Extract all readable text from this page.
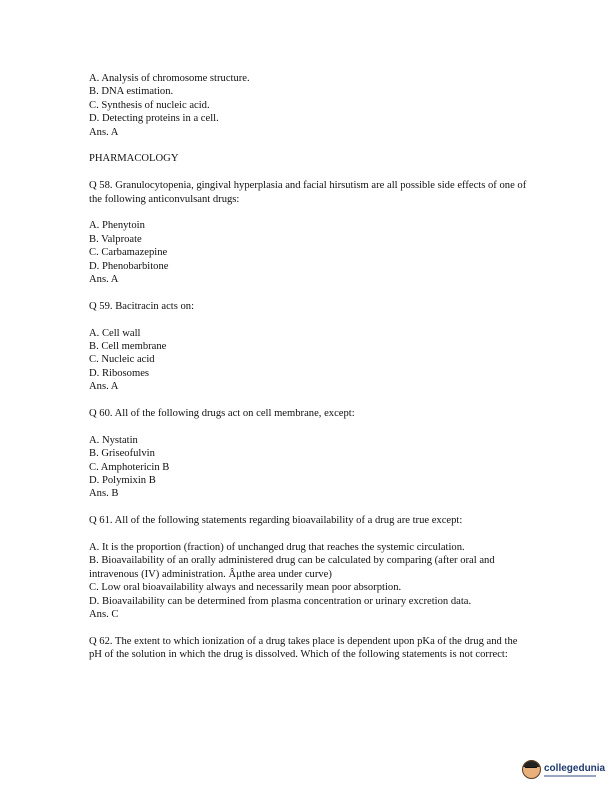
A. Analysis of chromosome structure.
B. DNA estimation.
C. Synthesis of nucleic acid.
D. Detecting proteins in a cell.
Ans. A
PHARMACOLOGY
Q 58. Granulocytopenia, gingival hyperplasia and facial hirsutism are all possible side effects of one of the following anticonvulsant drugs:
A. Phenytoin
B. Valproate
C. Carbamazepine
D. Phenobarbitone
Ans. A
Q 59. Bacitracin acts on:
A. Cell wall
B. Cell membrane
C. Nucleic acid
D. Ribosomes
Ans. A
Q 60. All of the following drugs act on cell membrane, except:
A. Nystatin
B. Griseofulvin
C. Amphotericin B
D. Polymixin B
Ans. B
Q 61. All of the following statements regarding bioavailability of a drug are true except:
A. It is the proportion (fraction) of unchanged drug that reaches the systemic circulation.
B. Bioavailability of an orally administered drug can be calculated by comparing (after oral and intravenous (IV) administration. Âµthe area under curve)
C. Low oral bioavailability always and necessarily mean poor absorption.
D. Bioavailability can be determined from plasma concentration or urinary excretion data.
Ans. C
Q 62. The extent to which ionization of a drug takes place is dependent upon pKa of the drug and the pH of the solution in which the drug is dissolved. Which of the following statements is not correct:
collegedunia
